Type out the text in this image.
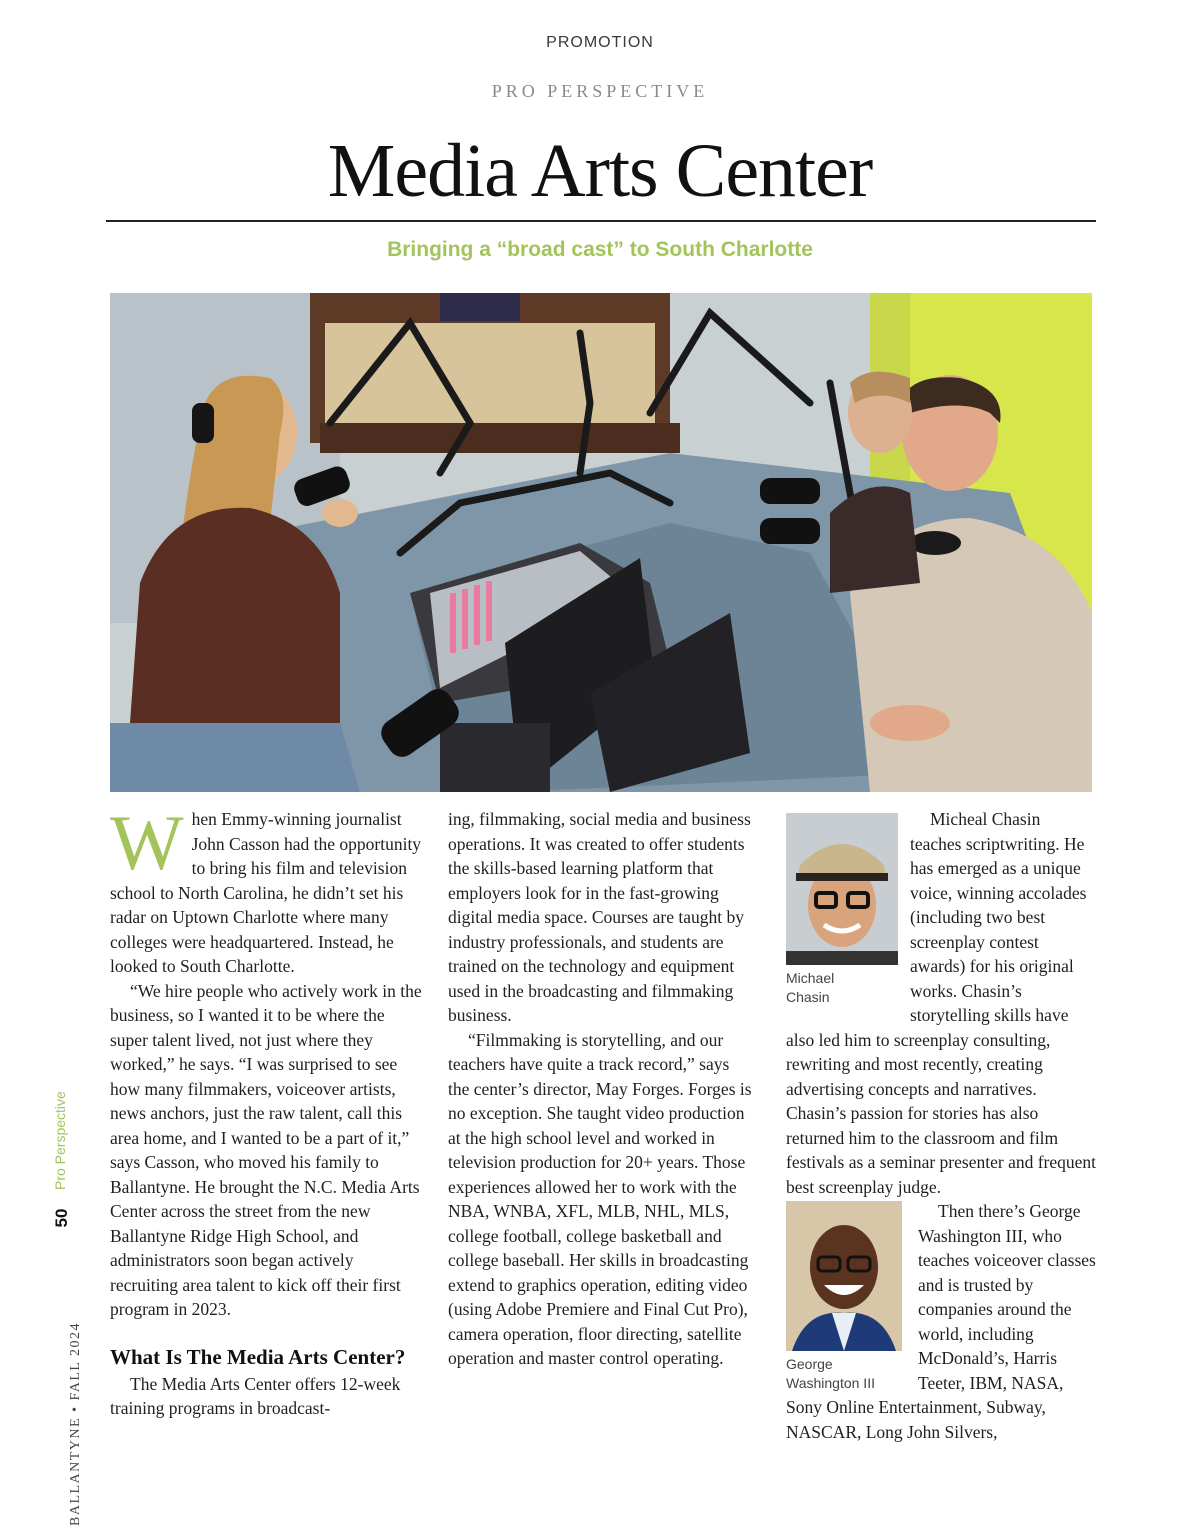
PROMOTION
PRO PERSPECTIVE
Media Arts Center
Bringing a “broad cast” to South Charlotte
BALLANTYNE • FALL 2024
50
Pro Perspective

When Emmy-winning journalist John Casson had the opportunity to bring his film and television school to North Carolina, he didn’t set his radar on Uptown Charlotte where many colleges were headquartered. Instead, he looked to South Charlotte.

“We hire people who actively work in the business, so I wanted it to be where the super talent lived, not just where they worked,” he says. “I was surprised to see how many filmmakers, voiceover artists, news anchors, just the raw talent, call this area home, and I wanted to be a part of it,” says Casson, who moved his family to Ballantyne. He brought the N.C. Media Arts Center across the street from the new Ballantyne Ridge High School, and administrators soon began actively recruiting area talent to kick off their first program in 2023.

What Is The Media Arts Center?

The Media Arts Center offers 12-week training programs in broadcast-

ing, filmmaking, social media and business operations. It was created to offer students the skills-based learning platform that employers look for in the fast-growing digital media space. Courses are taught by industry professionals, and students are trained on the technology and equipment used in the broadcasting and filmmaking business.

“Filmmaking is storytelling, and our teachers have quite a track record,” says the center’s director, May Forges. Forges is no exception. She taught video production at the high school level and worked in television production for 20+ years. Those experiences allowed her to work with the NBA, WNBA, XFL, MLB, NHL, MLS, college football, college basketball and college baseball. Her skills in broadcasting extend to graphics operation, editing video (using Adobe Premiere and Final Cut Pro), camera operation, floor directing, satellite operation and master control operating.

Michael Chasin

Micheal Chasin teaches scriptwriting. He has emerged as a unique voice, winning accolades (including two best screenplay contest awards) for his original works. Chasin’s storytelling skills have also led him to screenplay consulting, rewriting and most recently, creating advertising concepts and narratives. Chasin’s passion for stories has also returned him to the classroom and film festivals as a seminar presenter and frequent best screenplay judge.

George Washington III

Then there’s George Washington III, who teaches voiceover classes and is trusted by companies around the world, including McDonald’s, Harris Teeter, IBM, NASA, Sony Online Entertainment, Subway, NASCAR, Long John Silvers,
